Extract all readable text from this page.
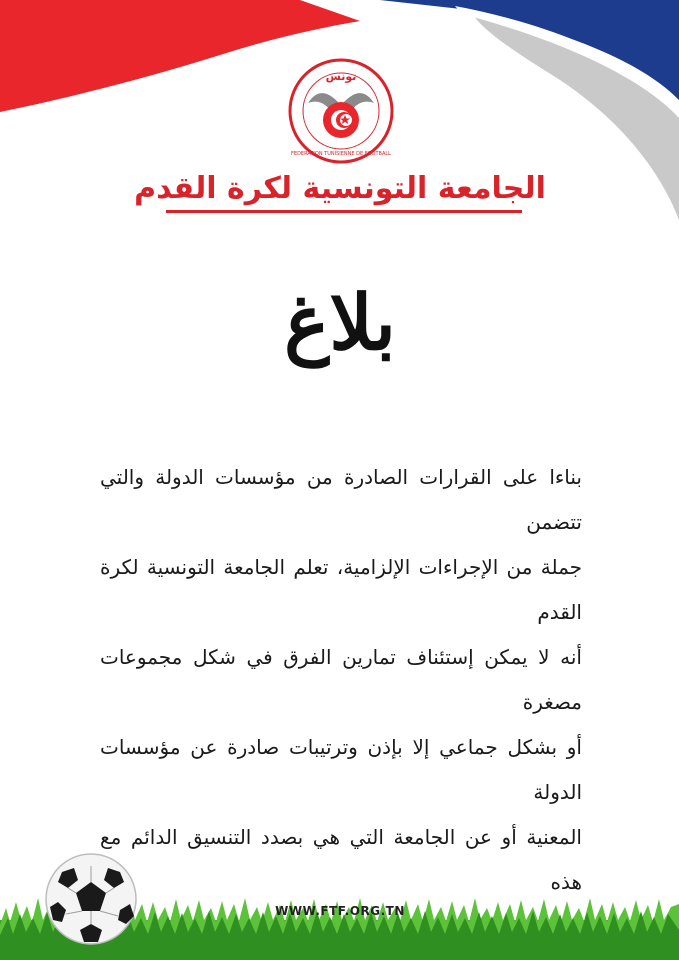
تونس
FEDERATION TUNISIENNE DE FOOTBALL
الجامعة التونسية لكرة القدم
بلاغ
بناءا على القرارات الصادرة من مؤسسات الدولة والتي تتضمن
جملة من الإجراءات الإلزامية، تعلم الجامعة التونسية لكرة القدم
أنه لا يمكن إستئناف تمارين الفرق في شكل مجموعات مصغرة
أو بشكل جماعي إلا بإذن وترتيبات صادرة عن مؤسسات الدولة
المعنية أو عن الجامعة التي هي بصدد التنسيق الدائم مع هذه
WWW.FTF.ORG.TN
